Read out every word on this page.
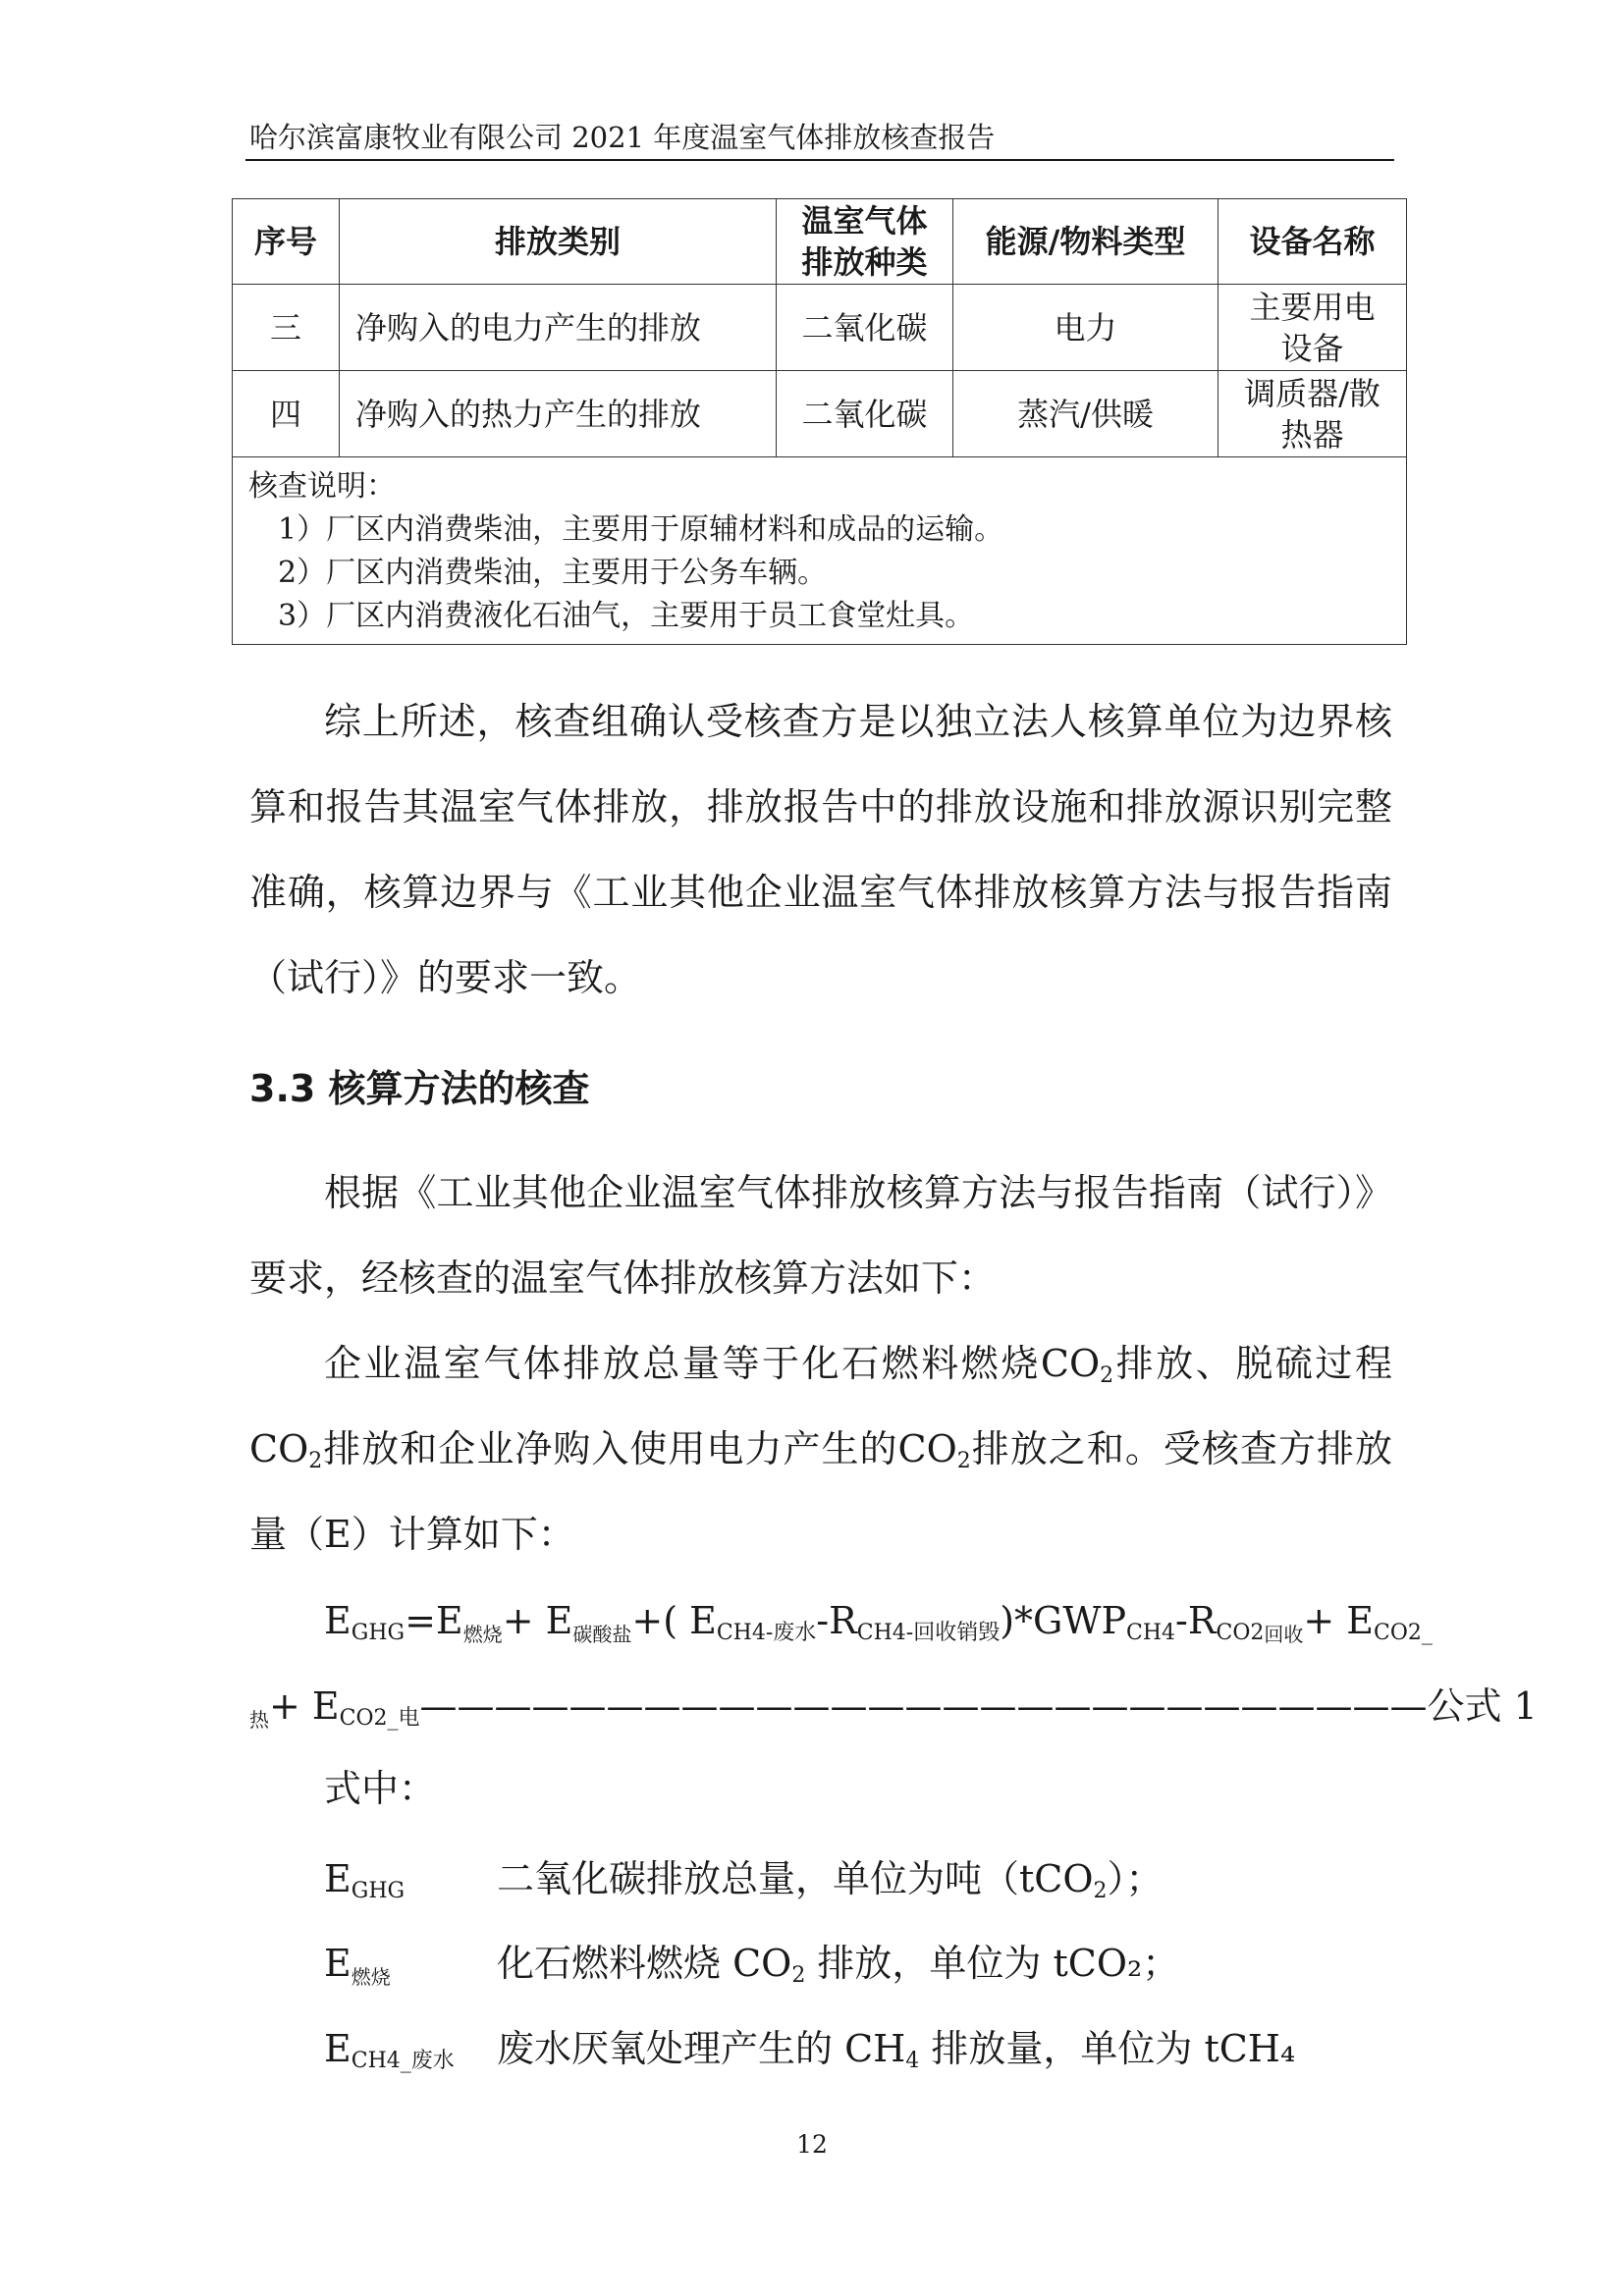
哈尔滨富康牧业有限公司 2021 年度温室气体排放核查报告
序号	排放类别	温室气体排放种类	能源/物料类型	设备名称
三	净购入的电力产生的排放	二氧化碳	电力	主要用电设备
四	净购入的热力产生的排放	二氧化碳	蒸汽/供暖	调质器/散热器

核查说明：
1）厂区内消费柴油，主要用于原辅材料和成品的运输。
2）厂区内消费柴油，主要用于公务车辆。
3）厂区内消费液化石油气，主要用于员工食堂灶具。				
综上所述，核查组确认受核查方是以独立法人核算单位为边界核算和报告其温室气体排放，排放报告中的排放设施和排放源识别完整准确，核算边界与《工业其他企业温室气体排放核算方法与报告指南（试行）》的要求一致。
3.3 核算方法的核查
根据《工业其他企业温室气体排放核算方法与报告指南（试行）》要求，经核查的温室气体排放核算方法如下：
企业温室气体排放总量等于化石燃料燃烧$CO_2$排放、脱硫过程$CO_2$排放和企业净购入使用电力产生的$CO_2$排放之和。受核查方排放量（E）计算如下：
$E_{GHG}=E_{燃烧}+ E_{碳酸盐}+$( $E_{CH4-废水}-R_{CH4-回收销毁})*GWP_{CH4}-R_{CO2回收}+ E_{CO2\_}$
$_热+ E_{CO2\_电}———————————————————————————$公式 1
式中：
$E_{GHG}$ 二氧化碳排放总量，单位为吨（tCO$_2$）；
$E_{燃烧}$	化石燃料燃烧 $CO_2$ 排放，单位为 tCO₂；
$E_{CH4\_废水}$ 废水厌氧处理产生的 $CH_4$ 排放量，单位为 tCH₄
12
